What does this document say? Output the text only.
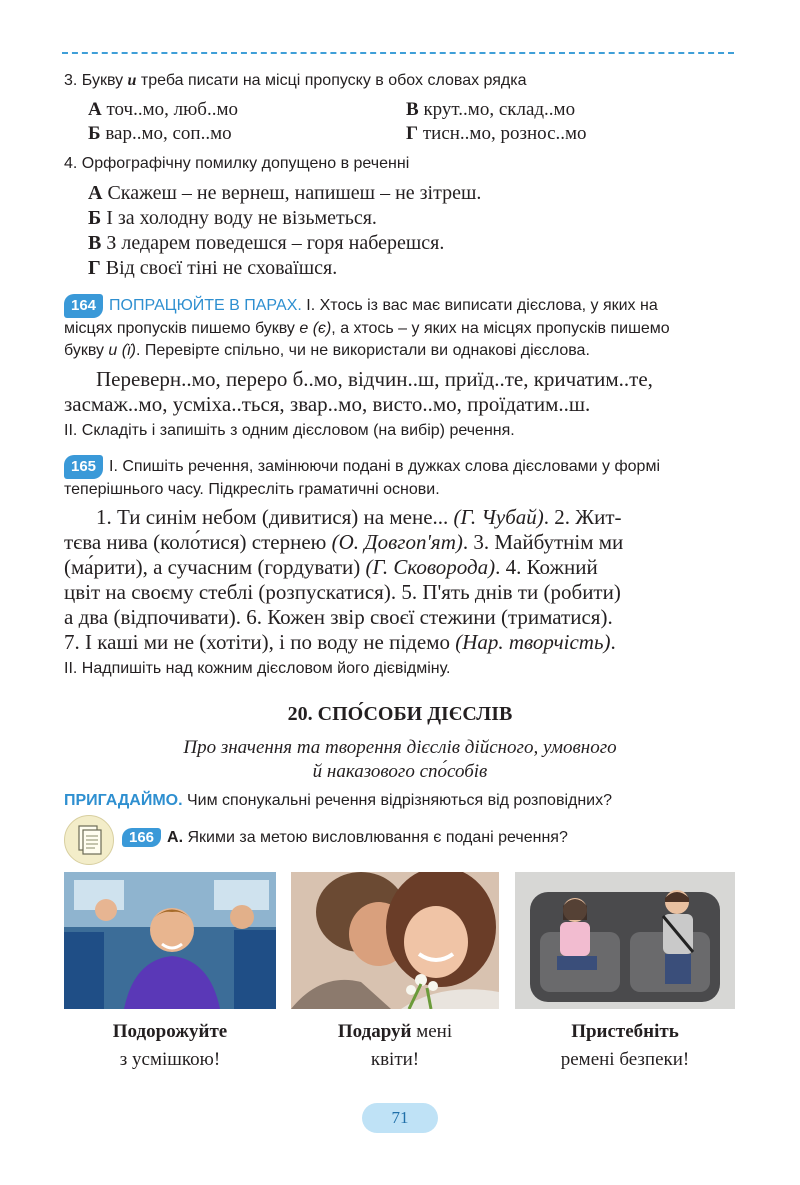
3. Букву и треба писати на місці пропуску в обох словах рядка
А точ..мо, люб..мо	В крут..мо, склад..мо
Б вар..мо, соп..мо	Г тисн..мо, рознос..мо
4. Орфографічну помилку допущено в реченні
А Скажеш – не вернеш, напишеш – не зітреш.
Б І за холодну воду не візьметься.
В З ледарем поведешся – горя наберешся.
Г Від своєї тіні не сховаїшся.
164 ПОПРАЦЮЙТЕ В ПАРАХ. І. Хтось із вас має виписати дієслова, у яких на
місцях пропусків пишемо букву е (є), а хтось – у яких на місцях пропусків пишемо
букву и (ї). Перевірте спільно, чи не використали ви однакові дієслова.
Переверн..мо, переро б..мо, відчин..ш, приїд..те, кричатим..те,
засмаж..мо, усміха..ться, звар..мо, висто..мо, проїдатим..ш.
ІІ. Складіть і запишіть з одним дієсловом (на вибір) речення.
165 І. Спишіть речення, замінюючи подані в дужках слова дієсловами у формі
теперішнього часу. Підкресліть граматичні основи.
1. Ти синім небом (дивитися) на мене... (Г. Чубай). 2. Жит-
тєва нива (коло́тися) стернею (О. Довгоп'ят). 3. Майбутнім ми
(ма́рити), а сучасним (гордувати) (Г. Сковорода). 4. Кожний
цвіт на своєму стеблі (розпускатися). 5. П'ять днів ти (робити)
а два (відпочивати). 6. Кожен звір своєї стежини (триматися).
7. І каші ми не (хотіти), і по воду не підемо (Нар. творчість).
ІІ. Надпишіть над кожним дієсловом його дієвідміну.
20. СПО́СОБИ ДІЄСЛІВ
Про значення та творення дієслів дійсного, умовного
й наказового спо́собів
ПРИГАДАЙМО. Чим спонукальні речення відрізняються від розповідних?
166 А. Якими за метою висловлювання є подані речення?
Подорожуйте
з усмішкою!
Подаруй мені
квіти!
Пристебніть
ремені безпеки!
71
